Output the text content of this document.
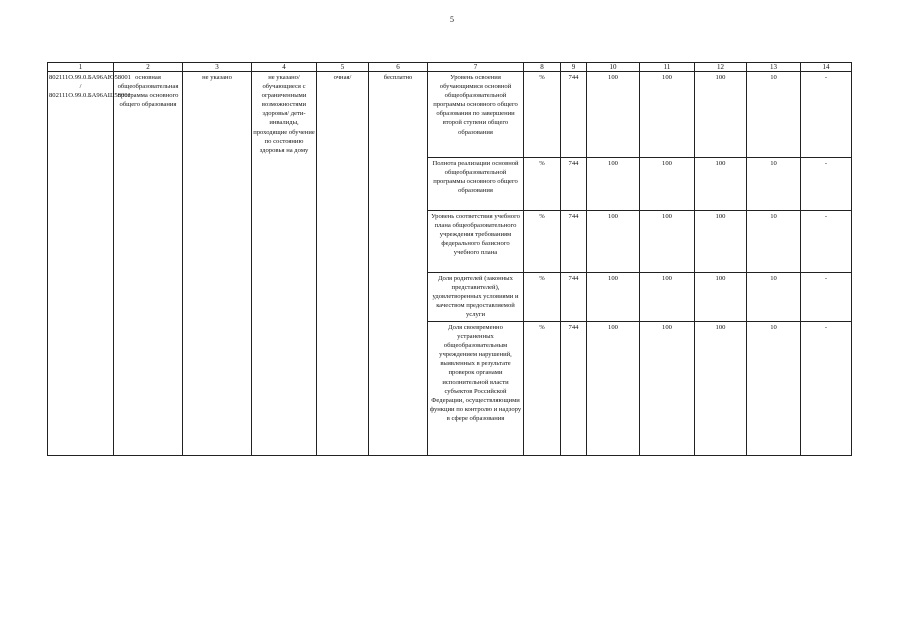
5
1	2	3	4	5	6	7	8	9	10	11	12	13	14
802111О.99.0.БА96АЮ58001 / 802111О.99.0.БА96АШ58001	основная общеобразовательная программа основного общего образования	не указано	не указано/ обучающиеся с ограниченными возможностями здоровья/ дети-инвалиды, проходящие обучение по состоянию здоровья на дому	очная/	бесплатно	Уровень освоения обучающимися основной общеобразовательной программы основного общего образования по завершении второй ступени общего образования	%	744	100	100	100	10	-
						Полнота реализации основной общеобразовательной программы основного общего образования	%	744	100	100	100	10	-
						Уровень соответствия учебного плана общеобразовательного учреждения требованиям федерального базисного учебного плана	%	744	100	100	100	10	-
						Доля родителей (законных представителей), удовлетворенных условиями и качеством предоставляемой услуги	%	744	100	100	100	10	-
						Доля своевременно устраненных общеобразовательным учреждением нарушений, выявленных в результате проверок органами исполнительной власти субъектов Российской Федерации, осуществляющими функции по контролю и надзору в сфере образования	%	744	100	100	100	10	-
